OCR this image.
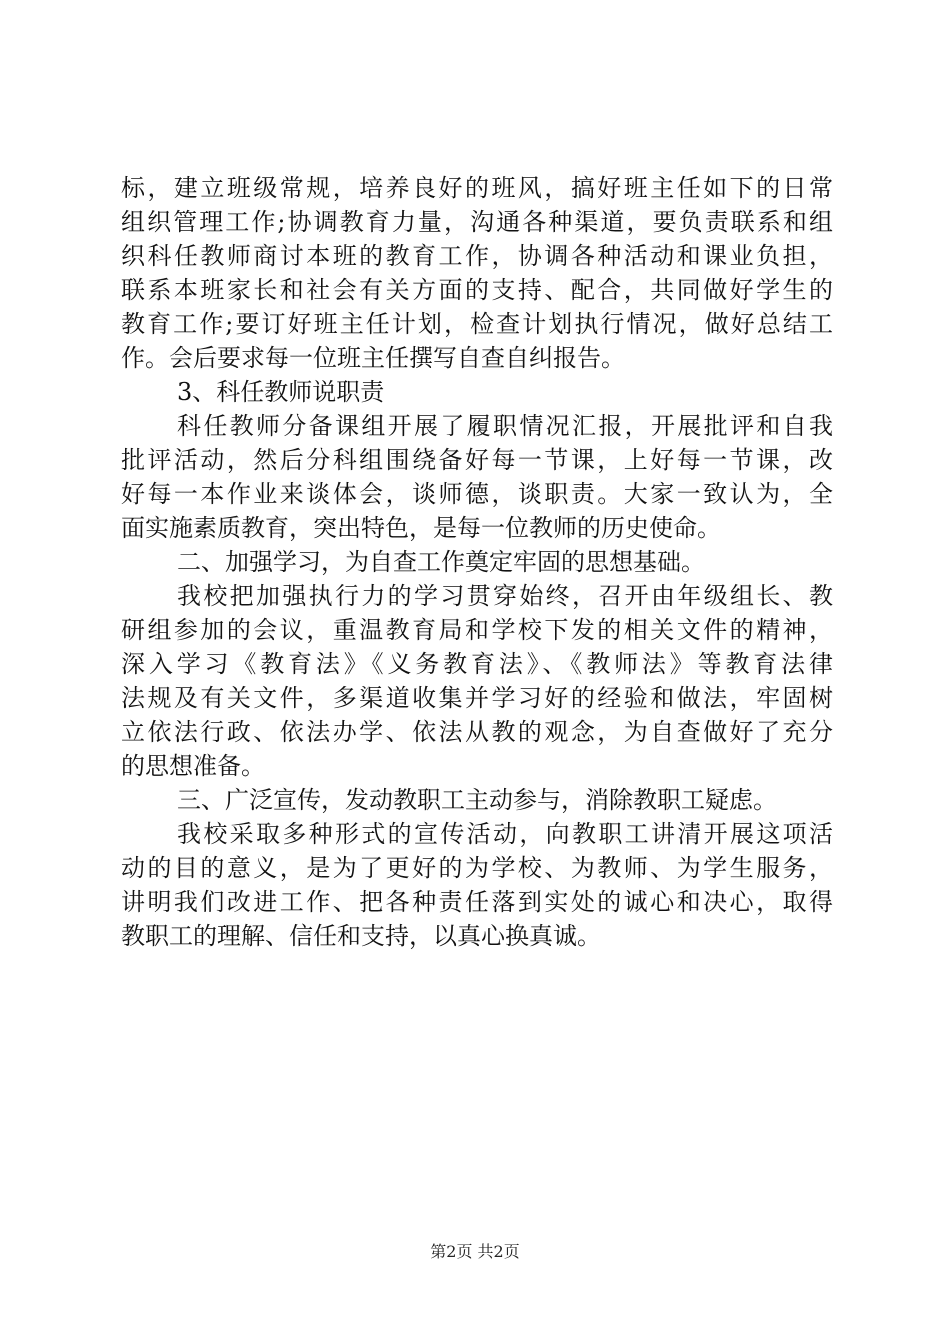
标，建立班级常规，培养良好的班风，搞好班主任如下的日常
组织管理工作;协调教育力量，沟通各种渠道，要负责联系和组
织科任教师商讨本班的教育工作，协调各种活动和课业负担，
联系本班家长和社会有关方面的支持、配合，共同做好学生的
教育工作;要订好班主任计划，检查计划执行情况，做好总结工
作。会后要求每一位班主任撰写自查自纠报告。
3、科任教师说职责
科任教师分备课组开展了履职情况汇报，开展批评和自我
批评活动，然后分科组围绕备好每一节课，上好每一节课，改
好每一本作业来谈体会，谈师德，谈职责。大家一致认为，全
面实施素质教育，突出特色，是每一位教师的历史使命。
二、加强学习，为自查工作奠定牢固的思想基础。
我校把加强执行力的学习贯穿始终，召开由年级组长、教
研组参加的会议，重温教育局和学校下发的相关文件的精神，
深入学习《教育法》《义务教育法》、《教师法》等教育法律
法规及有关文件，多渠道收集并学习好的经验和做法，牢固树
立依法行政、依法办学、依法从教的观念，为自查做好了充分
的思想准备。
三、广泛宣传，发动教职工主动参与，消除教职工疑虑。
我校采取多种形式的宣传活动，向教职工讲清开展这项活
动的目的意义，是为了更好的为学校、为教师、为学生服务，
讲明我们改进工作、把各种责任落到实处的诚心和决心，取得
教职工的理解、信任和支持，以真心换真诚。
第2页 共2页
